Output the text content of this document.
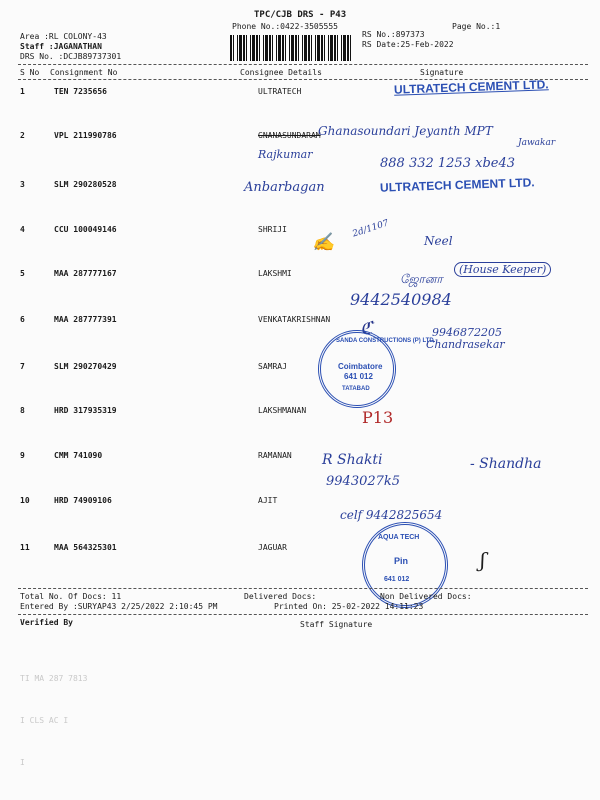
TPC/CJB DRS - P43
Phone No.:0422-3505555	Page No.:1
Area :RL COLONY-43
Staff :JAGANATHAN
DRS No. :DCJB89737301
RS No.:897373
RS Date:25-Feb-2022
S No Consignment No	Consignee Details	Signature
1	TEN 7235656	ULTRATECH
2	VPL 211990786	GNANASUNDARAM
3	SLM 290280528
4	CCU 100049146	SHRIJI
5	MAA 287777167	LAKSHMI
6	MAA 287777391	VENKATAKRISHNAN
7	SLM 290270429	SAMRAJ
8	HRD 317935319	LAKSHMANAN
9	CMM 741090	RAMANAN
10	HRD 74909106	AJIT
11	MAA 564325301	JAGUAR
ULTRATECH CEMENT LTD.
Ghanasoundari Jeyanth MPT
Jawakar
Rajkumar
888 332 1253 xbe43
Anbarbagan	ULTRATECH CEMENT LTD.
✍
2d/1107
Neel
(House Keeper)
ஜோனா
9442540984
ℭ	9946872205
Chandrasekar
SANDA CONSTRUCTIONS (P) LTD.
Coimbatore
641 012
TATABAD
P13
R Shakti	- Shandha
9943027k5
celf 9442825654
AQUA TECH
Pin
641 012
ʃ
Total No. Of Docs: 11	Delivered Docs:	Non Delivered Docs:
Entered By :SURYAP43 2/25/2022 2:10:45 PM	Printed On: 25-02-2022 14:11:23
Verified By	Staff Signature
TI MA 287 7813
I CLS AC I
I
